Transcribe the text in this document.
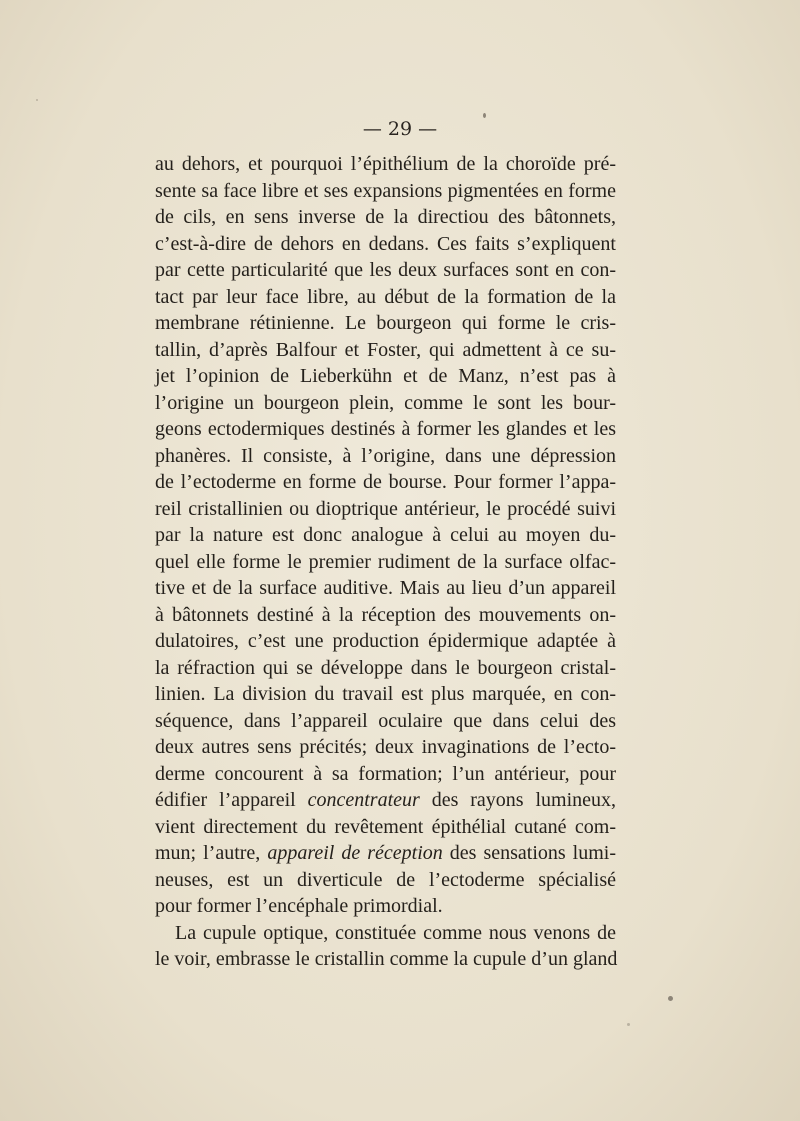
— 29 —
au dehors, et pourquoi l’épithélium de la choroïde pré-
sente sa face libre et ses expansions pigmentées en forme
de cils, en sens inverse de la directiou des bâtonnets,
c’est-à-dire de dehors en dedans. Ces faits s’expliquent
par cette particularité que les deux surfaces sont en con-
tact par leur face libre, au début de la formation de la
membrane rétinienne. Le bourgeon qui forme le cris-
tallin, d’après Balfour et Foster, qui admettent à ce su-
jet l’opinion de Lieberkühn et de Manz, n’est pas à
l’origine un bourgeon plein, comme le sont les bour-
geons ectodermiques destinés à former les glandes et les
phanères. Il consiste, à l’origine, dans une dépression
de l’ectoderme en forme de bourse. Pour former l’appa-
reil cristallinien ou dioptrique antérieur, le procédé suivi
par la nature est donc analogue à celui au moyen du-
quel elle forme le premier rudiment de la surface olfac-
tive et de la surface auditive. Mais au lieu d’un appareil
à bâtonnets destiné à la réception des mouvements on-
dulatoires, c’est une production épidermique adaptée à
la réfraction qui se développe dans le bourgeon cristal-
linien. La division du travail est plus marquée, en con-
séquence, dans l’appareil oculaire que dans celui des
deux autres sens précités; deux invaginations de l’ecto-
derme concourent à sa formation; l’un antérieur, pour
édifier l’appareil concentrateur des rayons lumineux,
vient directement du revêtement épithélial cutané com-
mun; l’autre, appareil de réception des sensations lumi-
neuses, est un diverticule de l’ectoderme spécialisé
pour former l’encéphale primordial.
La cupule optique, constituée comme nous venons de
le voir, embrasse le cristallin comme la cupule d’un gland
